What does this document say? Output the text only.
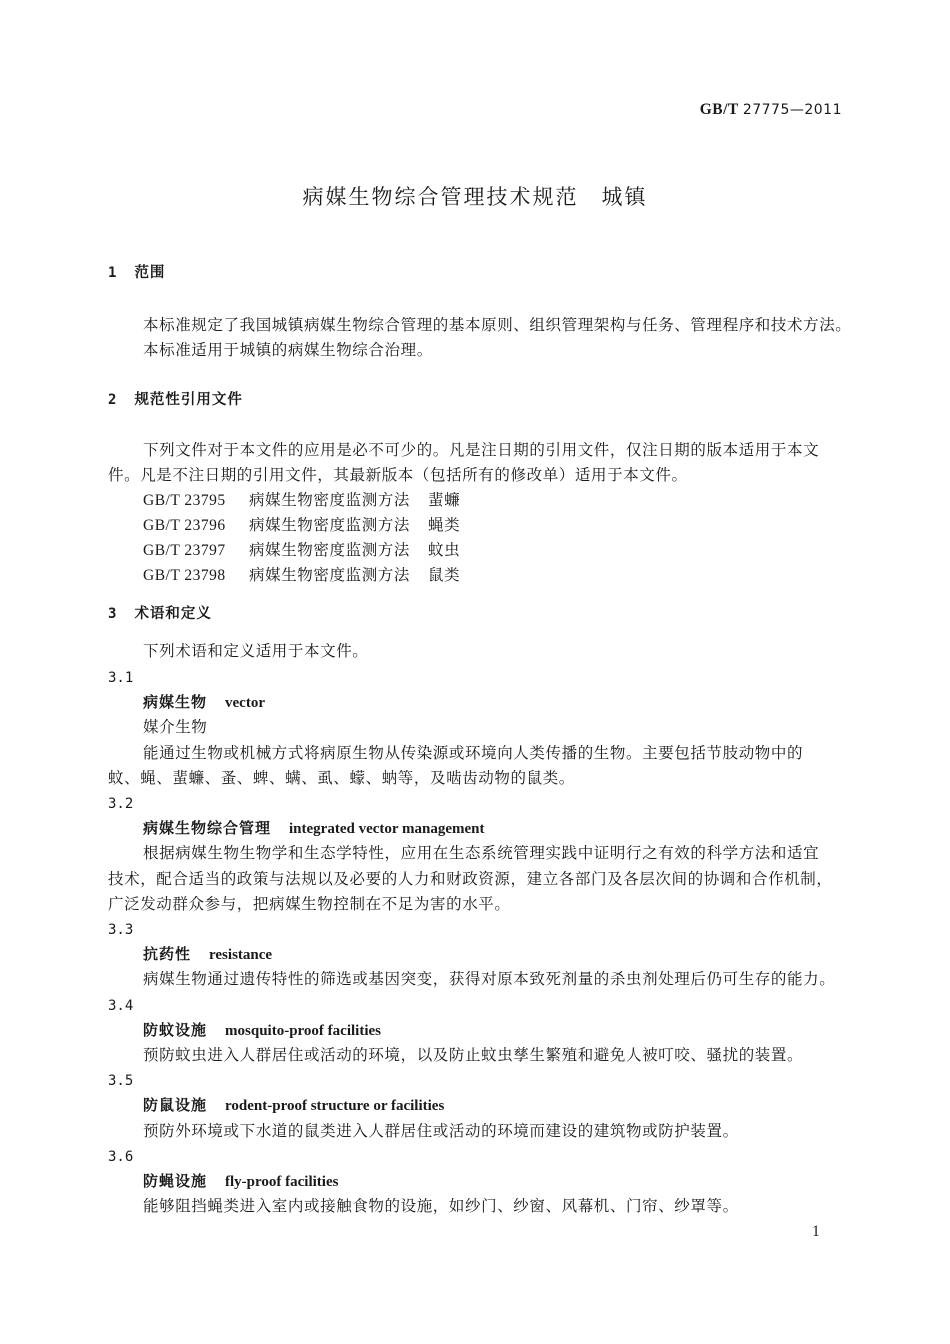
GB/T 27775—2011
病媒生物综合管理技术规范　城镇
1 范围
本标准规定了我国城镇病媒生物综合管理的基本原则、组织管理架构与任务、管理程序和技术方法。
本标准适用于城镇的病媒生物综合治理。
2 规范性引用文件
下列文件对于本文件的应用是必不可少的。凡是注日期的引用文件，仅注日期的版本适用于本文
件。凡是不注日期的引用文件，其最新版本（包括所有的修改单）适用于本文件。
GB/T 23795 病媒生物密度监测方法 蜚蠊
GB/T 23796 病媒生物密度监测方法 蝇类
GB/T 23797 病媒生物密度监测方法 蚊虫
GB/T 23798 病媒生物密度监测方法 鼠类
3 术语和定义
下列术语和定义适用于本文件。
3.1
病媒生物 vector
媒介生物
能通过生物或机械方式将病原生物从传染源或环境向人类传播的生物。主要包括节肢动物中的
蚊、蝇、蜚蠊、蚤、蜱、螨、虱、蠓、蚋等，及啮齿动物的鼠类。
3.2
病媒生物综合管理 integrated vector management
根据病媒生物生物学和生态学特性，应用在生态系统管理实践中证明行之有效的科学方法和适宜
技术，配合适当的政策与法规以及必要的人力和财政资源，建立各部门及各层次间的协调和合作机制，
广泛发动群众参与，把病媒生物控制在不足为害的水平。
3.3
抗药性 resistance
病媒生物通过遗传特性的筛选或基因突变，获得对原本致死剂量的杀虫剂处理后仍可生存的能力。
3.4
防蚊设施 mosquito-proof facilities
预防蚊虫进入人群居住或活动的环境，以及防止蚊虫孳生繁殖和避免人被叮咬、骚扰的装置。
3.5
防鼠设施 rodent-proof structure or facilities
预防外环境或下水道的鼠类进入人群居住或活动的环境而建设的建筑物或防护装置。
3.6
防蝇设施 fly-proof facilities
能够阻挡蝇类进入室内或接触食物的设施，如纱门、纱窗、风幕机、门帘、纱罩等。
1
